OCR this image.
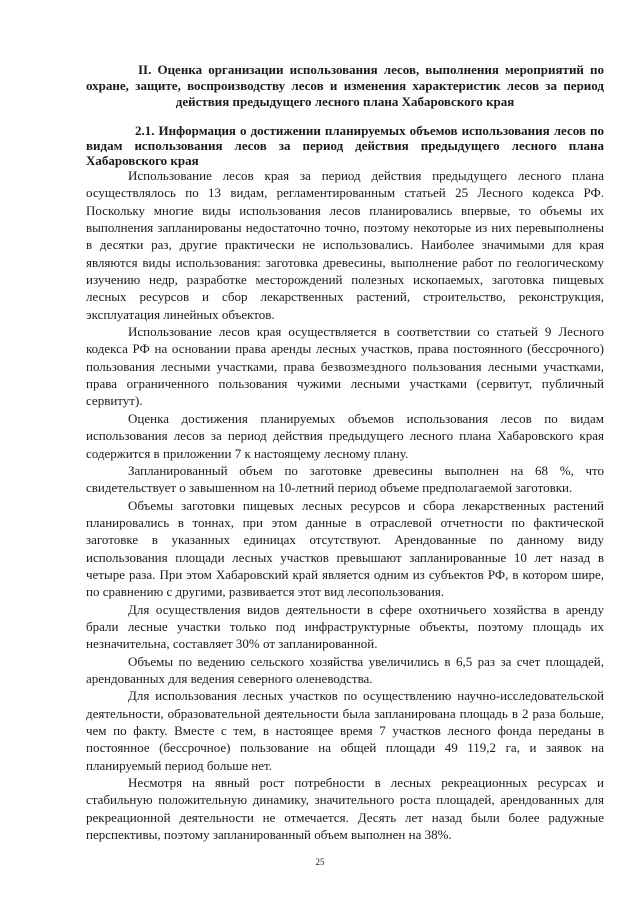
II. Оценка организации использования лесов, выполнения мероприятий по охране, защите, воспроизводству лесов и изменения характеристик лесов за период действия предыдущего лесного плана Хабаровского края
2.1. Информация о достижении планируемых объемов использования лесов по видам использования лесов за период действия предыдущего лесного плана Хабаровского края

Использование лесов края за период действия предыдущего лесного плана осуществлялось по 13 видам, регламентированным статьей 25 Лесного кодекса РФ. Поскольку многие виды использования лесов планировались впервые, то объемы их выполнения запланированы недостаточно точно, поэтому некоторые из них перевыполнены в десятки раз, другие практически не использовались. Наиболее значимыми для края являются виды использования: заготовка древесины, выполнение работ по геологическому изучению недр, разработке месторождений полезных ископаемых, заготовка пищевых лесных ресурсов и сбор лекарственных растений, строительство, реконструкция, эксплуатация линейных объектов.

Использование лесов края осуществляется в соответствии со статьей 9 Лесного кодекса РФ на основании права аренды лесных участков, права постоянного (бессрочного) пользования лесными участками, права безвозмездного пользования лесными участками, права ограниченного пользования чужими лесными участками (сервитут, публичный сервитут).

Оценка достижения планируемых объемов использования лесов по видам использования лесов за период действия предыдущего лесного плана Хабаровского края содержится в приложении 7 к настоящему лесному плану.

Запланированный объем по заготовке древесины выполнен на 68 %, что свидетельствует о завышенном на 10-летний период объеме предполагаемой заготовки.

Объемы заготовки пищевых лесных ресурсов и сбора лекарственных растений планировались в тоннах, при этом данные в отраслевой отчетности по фактической заготовке в указанных единицах отсутствуют. Арендованные по данному виду использования площади лесных участков превышают запланированные 10 лет назад в четыре раза. При этом Хабаровский край является одним из субъектов РФ, в котором шире, по сравнению с другими, развивается этот вид лесопользования.

Для осуществления видов деятельности в сфере охотничьего хозяйства в аренду брали лесные участки только под инфраструктурные объекты, поэтому площадь их незначительна, составляет 30% от запланированной.

Объемы по ведению сельского хозяйства увеличились в 6,5 раз за счет площадей, арендованных для ведения северного оленеводства.

Для использования лесных участков по осуществлению научно-исследовательской деятельности, образовательной деятельности была запланирована площадь в 2 раза больше, чем по факту. Вместе с тем, в настоящее время 7 участков лесного фонда переданы в постоянное (бессрочное) пользование на общей площади 49 119,2 га, и заявок на планируемый период больше нет.

Несмотря на явный рост потребности в лесных рекреационных ресурсах и стабильную положительную динамику, значительного роста площадей, арендованных для рекреационной деятельности не отмечается. Десять лет назад были более радужные перспективы, поэтому запланированный объем выполнен на 38%.

25
